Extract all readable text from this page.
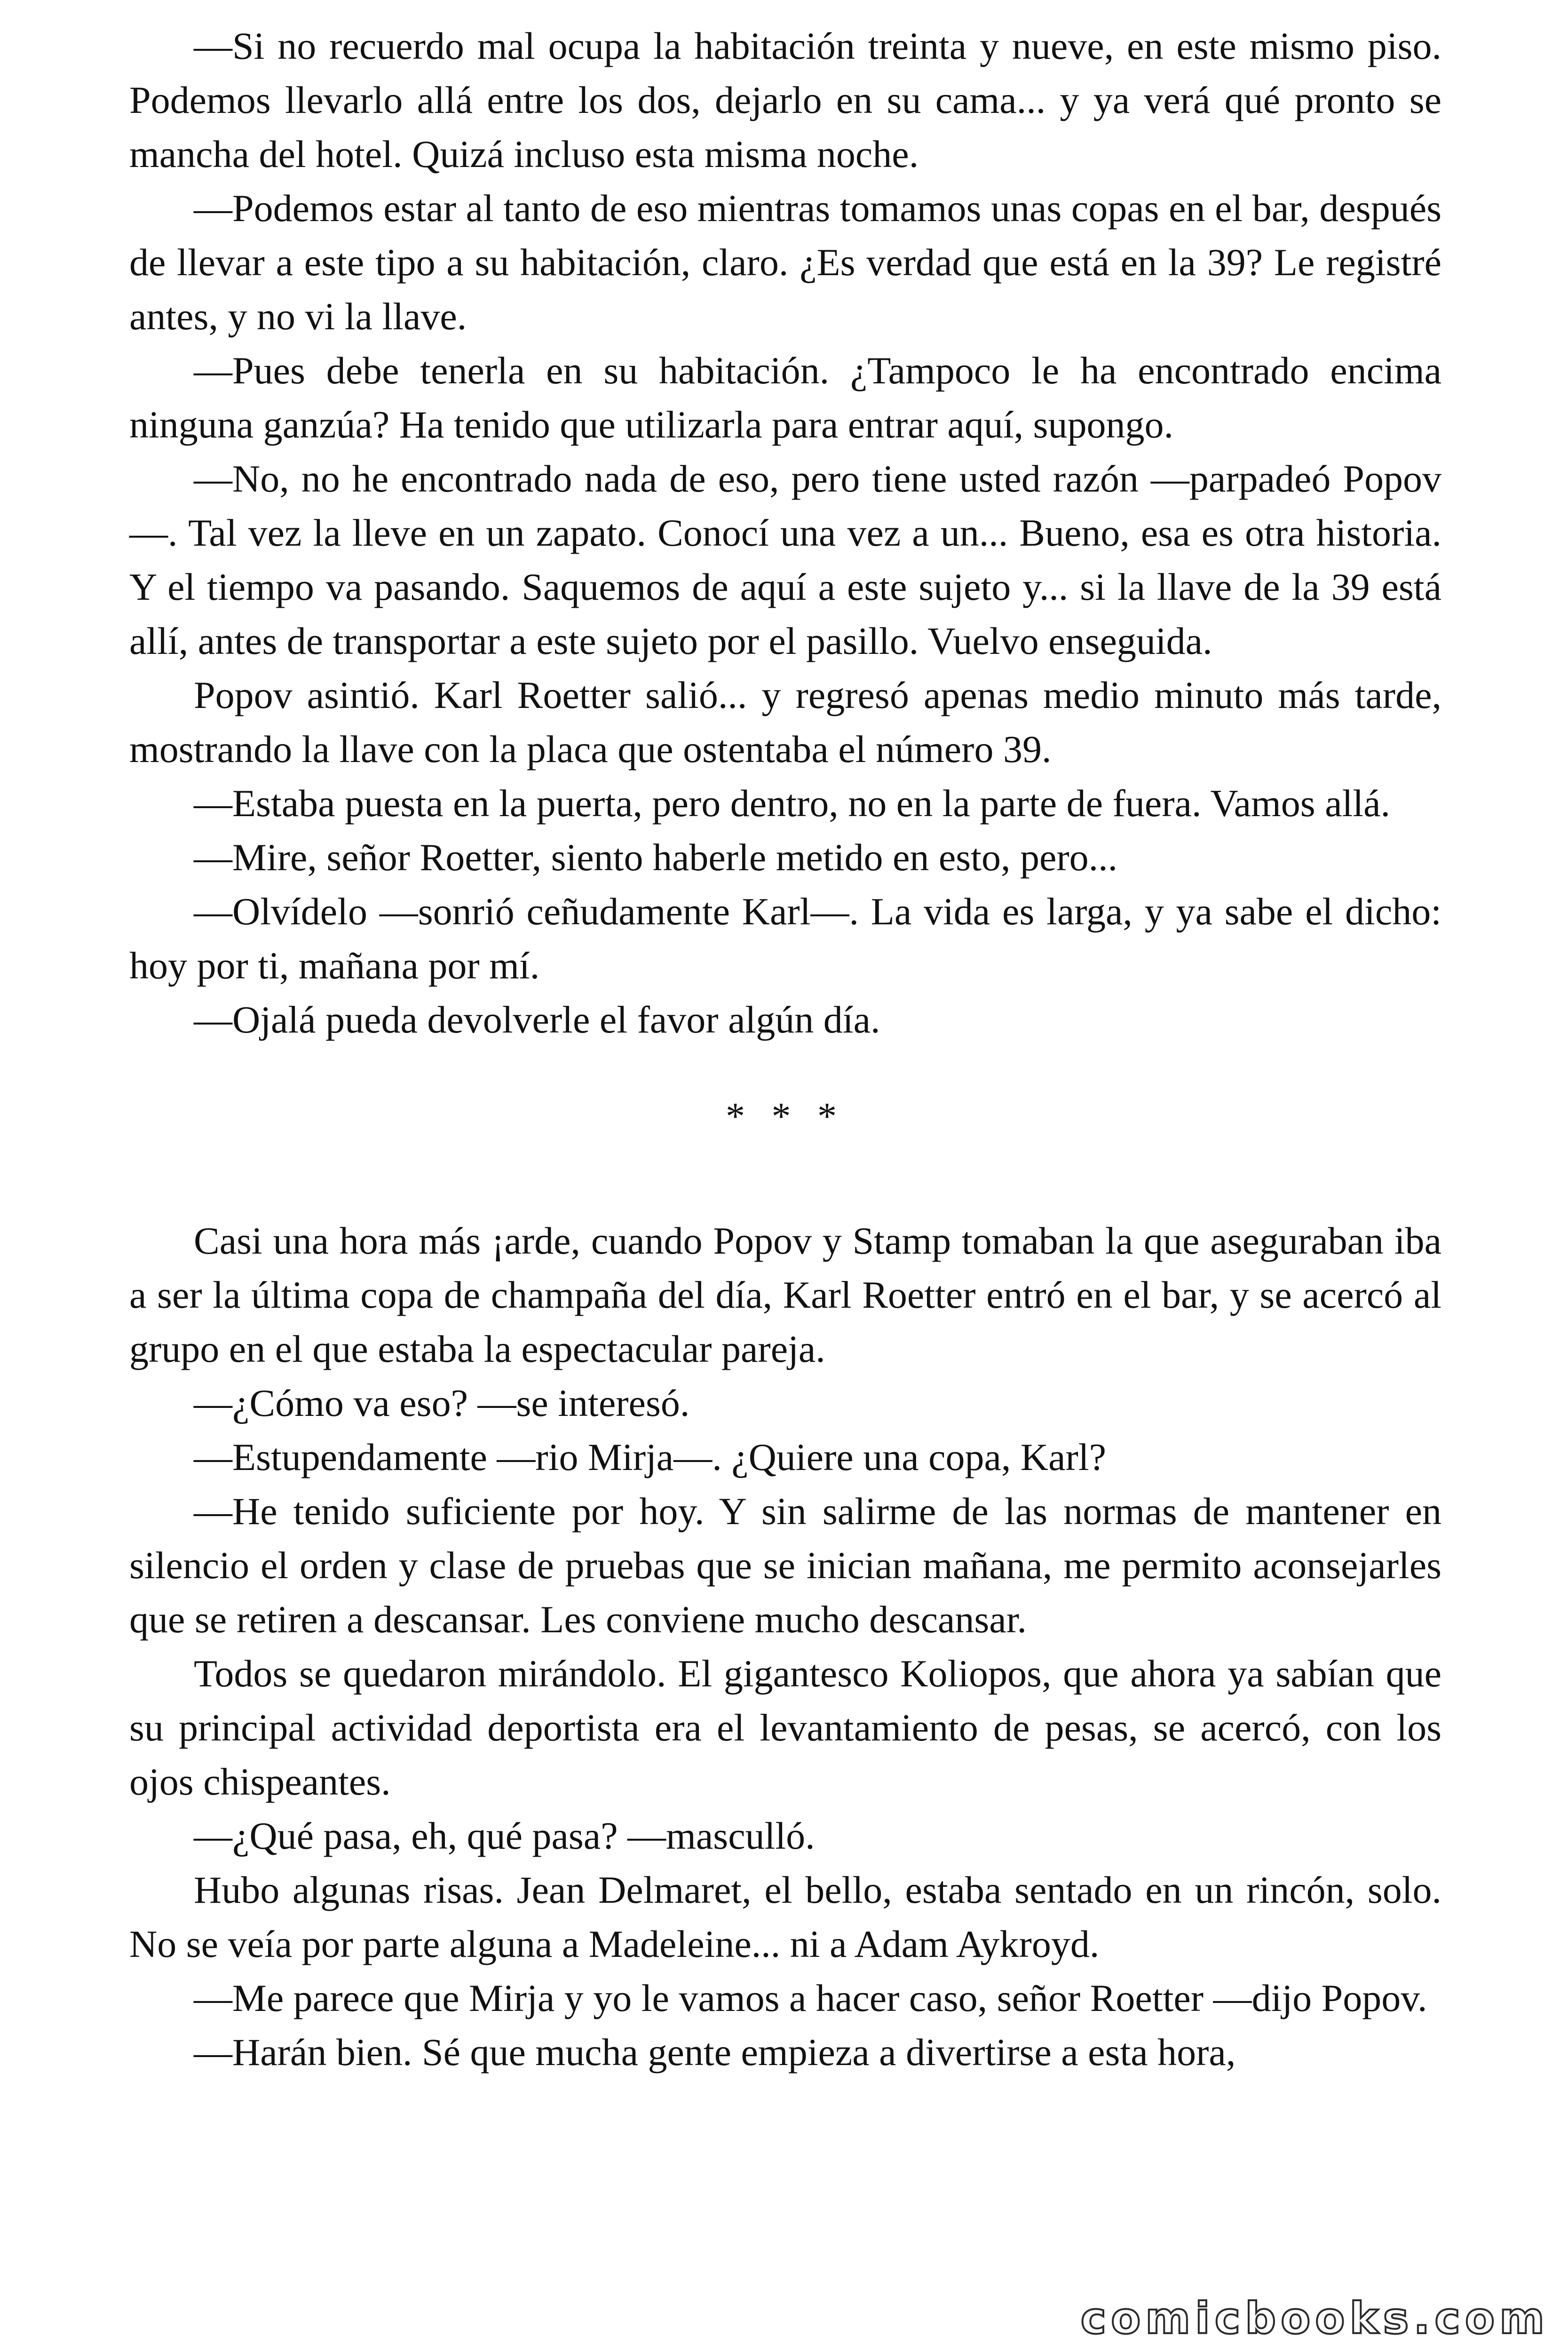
—Si no recuerdo mal ocupa la habitación treinta y nueve, en este mismo piso. Podemos llevarlo allá entre los dos, dejarlo en su cama... y ya verá qué pronto se mancha del hotel. Quizá incluso esta misma noche.

—Podemos estar al tanto de eso mientras tomamos unas copas en el bar, después de llevar a este tipo a su habitación, claro. ¿Es verdad que está en la 39? Le registré antes, y no vi la llave.

—Pues debe tenerla en su habitación. ¿Tampoco le ha encontrado encima ninguna ganzúa? Ha tenido que utilizarla para entrar aquí, supongo.

—No, no he encontrado nada de eso, pero tiene usted razón —parpadeó Popov—. Tal vez la lleve en un zapato. Conocí una vez a un... Bueno, esa es otra historia. Y el tiempo va pasando. Saquemos de aquí a este sujeto y... si la llave de la 39 está allí, antes de transportar a este sujeto por el pasillo. Vuelvo enseguida.

Popov asintió. Karl Roetter salió... y regresó apenas medio minuto más tarde, mostrando la llave con la placa que ostentaba el número 39.

—Estaba puesta en la puerta, pero dentro, no en la parte de fuera. Vamos allá.

—Mire, señor Roetter, siento haberle metido en esto, pero...

—Olvídelo —sonrió ceñudamente Karl—. La vida es larga, y ya sabe el dicho: hoy por ti, mañana por mí.

—Ojalá pueda devolverle el favor algún día.

* * *

Casi una hora más ¡arde, cuando Popov y Stamp tomaban la que aseguraban iba a ser la última copa de champaña del día, Karl Roetter entró en el bar, y se acercó al grupo en el que estaba la espectacular pareja.

—¿Cómo va eso? —se interesó.

—Estupendamente —rio Mirja—. ¿Quiere una copa, Karl?

—He tenido suficiente por hoy. Y sin salirme de las normas de mantener en silencio el orden y clase de pruebas que se inician mañana, me permito aconsejarles que se retiren a descansar. Les conviene mucho descansar.

Todos se quedaron mirándolo. El gigantesco Koliopos, que ahora ya sabían que su principal actividad deportista era el levantamiento de pesas, se acercó, con los ojos chispeantes.

—¿Qué pasa, eh, qué pasa? —masculló.

Hubo algunas risas. Jean Delmaret, el bello, estaba sentado en un rincón, solo. No se veía por parte alguna a Madeleine... ni a Adam Aykroyd.

—Me parece que Mirja y yo le vamos a hacer caso, señor Roetter —dijo Popov.

—Harán bien. Sé que mucha gente empieza a divertirse a esta hora,

comicbooks.com
